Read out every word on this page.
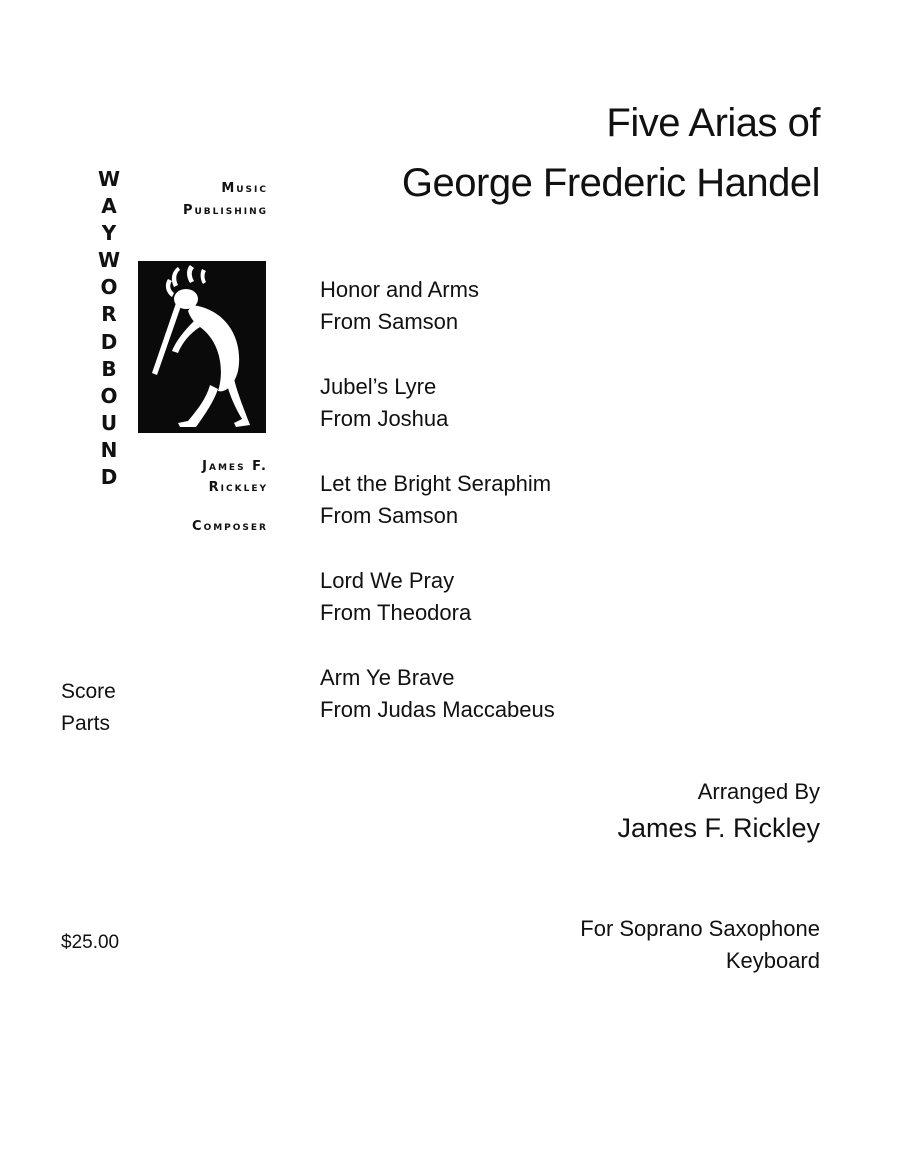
Five Arias of
George Frederic Handel
W
A
Y
W
O
R
D
B
O
U
N
D
Music
Publishing
James F.
Rickley
Composer
Honor and Arms
From Samson
Jubel’s Lyre
From Joshua
Let the Bright Seraphim
From Samson
Lord We Pray
From Theodora
Arm Ye Brave
From Judas Maccabeus
Score
Parts
$25.00
Arranged By
James F. Rickley
For Soprano Saxophone
Keyboard
